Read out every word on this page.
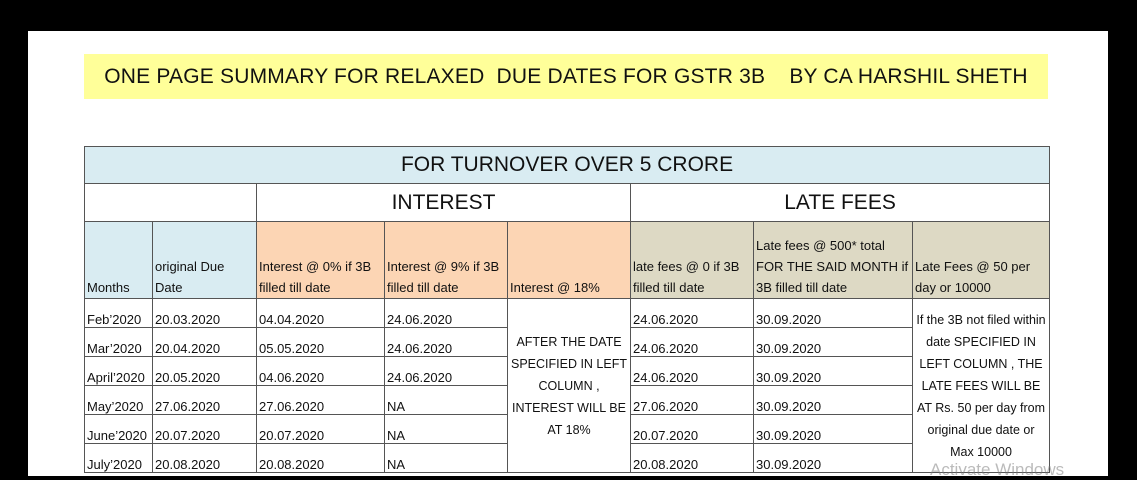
ONE PAGE SUMMARY FOR RELAXED  DUE DATES FOR GSTR 3B    BY CA HARSHIL SHETH
FOR TURNOVER OVER 5 CRORE							
		INTEREST			LATE FEES		
Months	original Due Date	Interest @ 0% if 3B filled till date	Interest @ 9% if 3B filled till date	Interest @ 18%	late fees @ 0 if 3B filled till date	Late fees @ 500* total FOR THE SAID MONTH if 3B filled till date	Late Fees @ 50 per day or 10000
Feb’2020	20.03.2020	04.04.2020	24.06.2020	AFTER THE DATE SPECIFIED IN LEFT COLUMN , INTEREST WILL BE AT 18%	24.06.2020	30.09.2020	If the 3B not filed within date SPECIFIED IN LEFT COLUMN , THE LATE FEES WILL BE AT Rs. 50 per day from original due date or Max 10000
Mar’2020	20.04.2020	05.05.2020	24.06.2020		24.06.2020	30.09.2020	
April’2020	20.05.2020	04.06.2020	24.06.2020		24.06.2020	30.09.2020	
May’2020	27.06.2020	27.06.2020	NA		27.06.2020	30.09.2020	
June’2020	20.07.2020	20.07.2020	NA		20.07.2020	30.09.2020	
July’2020	20.08.2020	20.08.2020	NA		20.08.2020	30.09.2020		Activate Windows
